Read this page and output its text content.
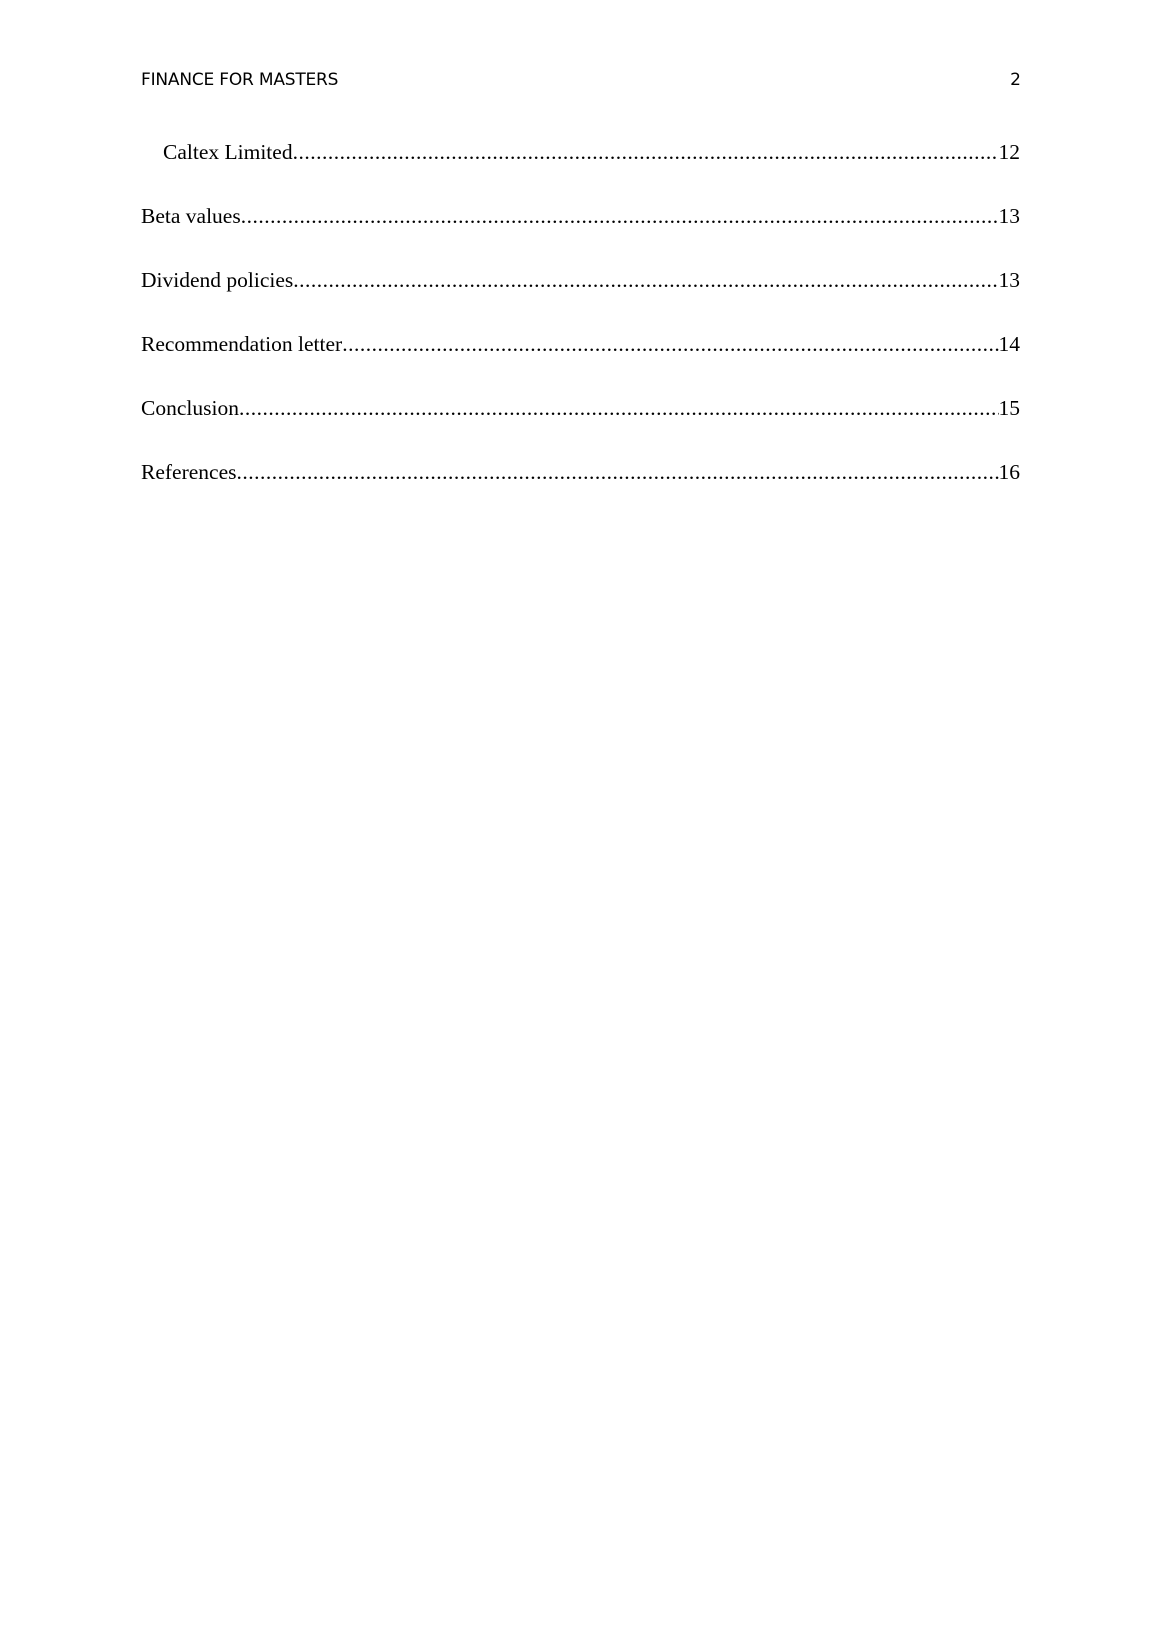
FINANCE FOR MASTERS	2
Caltex Limited .....	12
Beta values .....	13
Dividend policies .....	13
Recommendation letter .....	14
Conclusion .....	15
References .....	16
